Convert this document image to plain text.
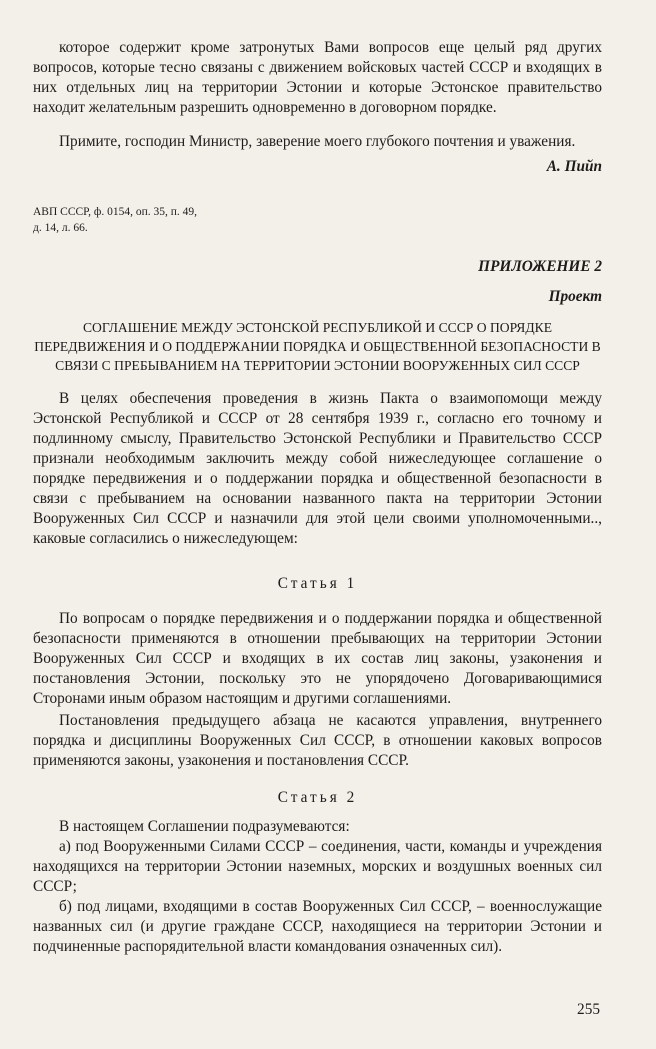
которое содержит кроме затронутых Вами вопросов еще целый ряд других вопросов, которые тесно связаны с движением войсковых частей СССР и входящих в них отдельных лиц на территории Эстонии и которые Эстонское правительство находит желательным разрешить одновременно в договорном порядке.

Примите, господин Министр, заверение моего глубокого почтения и уважения.

А. Пийп

АВП СССР, ф. 0154, оп. 35, п. 49,
д. 14, л. 66.

ПРИЛОЖЕНИЕ 2

Проект

СОГЛАШЕНИЕ МЕЖДУ ЭСТОНСКОЙ РЕСПУБЛИКОЙ И СССР О ПОРЯДКЕ ПЕРЕДВИЖЕНИЯ И О ПОДДЕРЖАНИИ ПОРЯДКА И ОБЩЕСТВЕННОЙ БЕЗОПАСНОСТИ В СВЯЗИ С ПРЕБЫВАНИЕМ НА ТЕРРИТОРИИ ЭСТОНИИ ВООРУЖЕННЫХ СИЛ СССР

В целях обеспечения проведения в жизнь Пакта о взаимопомощи между Эстонской Республикой и СССР от 28 сентября 1939 г., согласно его точному и подлинному смыслу, Правительство Эстонской Республики и Правительство СССР признали необходимым заключить между собой нижеследующее соглашение о порядке передвижения и о поддержании порядка и общественной безопасности в связи с пребыванием на основании названного пакта на территории Эстонии Вооруженных Сил СССР и назначили для этой цели своими уполномоченными.., каковые согласились о нижеследующем:

Статья 1

По вопросам о порядке передвижения и о поддержании порядка и общественной безопасности применяются в отношении пребывающих на территории Эстонии Вооруженных Сил СССР и входящих в их состав лиц законы, узаконения и постановления Эстонии, поскольку это не упорядочено Договаривающимися Сторонами иным образом настоящим и другими соглашениями.

Постановления предыдущего абзаца не касаются управления, внутреннего порядка и дисциплины Вооруженных Сил СССР, в отношении каковых вопросов применяются законы, узаконения и постановления СССР.

Статья 2

В настоящем Соглашении подразумеваются:

а) под Вооруженными Силами СССР – соединения, части, команды и учреждения находящихся на территории Эстонии наземных, морских и воздушных военных сил СССР;

б) под лицами, входящими в состав Вооруженных Сил СССР, – военнослужащие названных сил (и другие граждане СССР, находящиеся на территории Эстонии и подчиненные распорядительной власти командования означенных сил).

255
